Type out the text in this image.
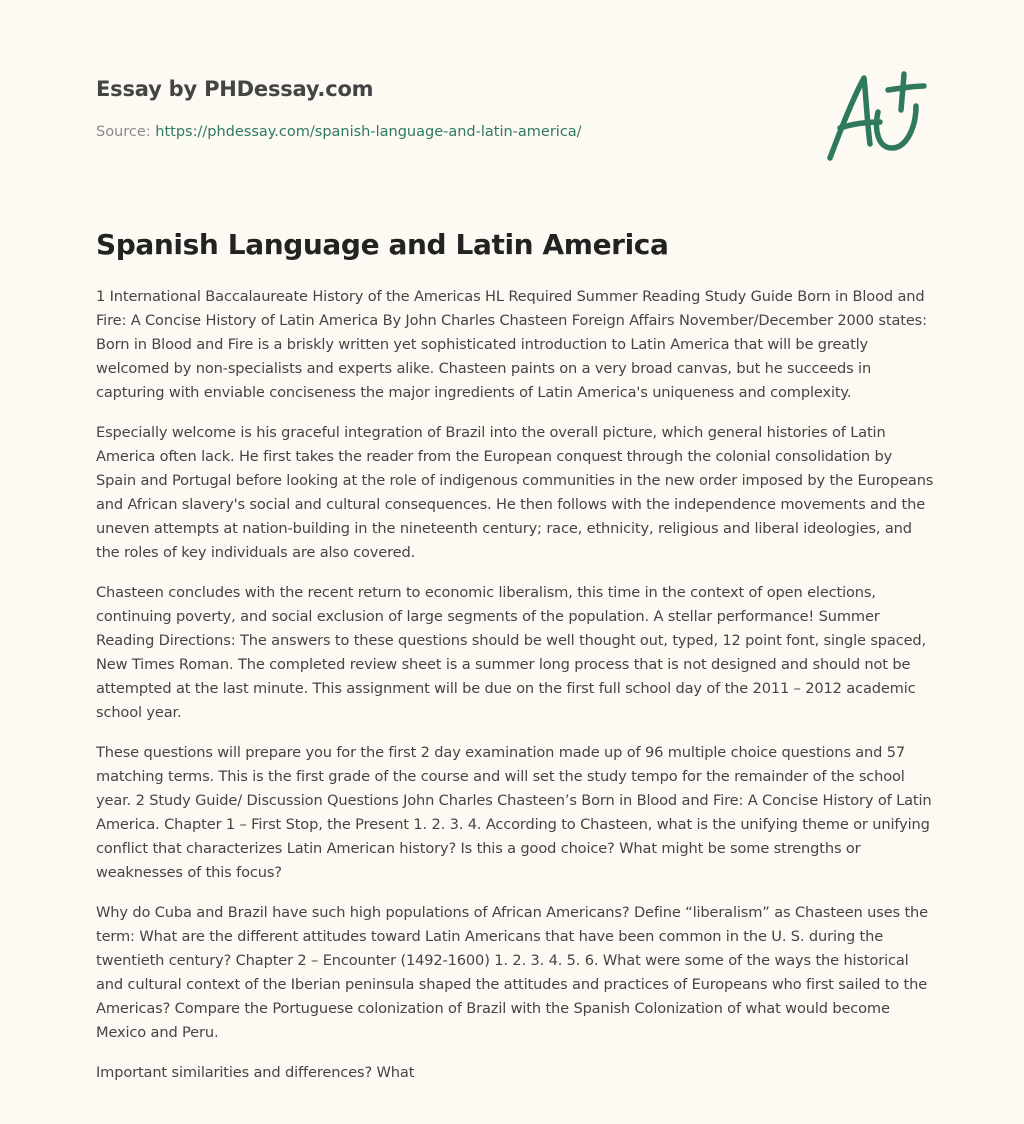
Essay by PHDessay.com
Source: https://phdessay.com/spanish-language-and-latin-america/
Spanish Language and Latin America

1 International Baccalaureate History of the Americas HL Required Summer Reading Study Guide Born in Blood and Fire: A Concise History of Latin America By John Charles Chasteen Foreign Affairs November/December 2000 states: Born in Blood and Fire is a briskly written yet sophisticated introduction to Latin America that will be greatly welcomed by non-specialists and experts alike. Chasteen paints on a very broad canvas, but he succeeds in capturing with enviable conciseness the major ingredients of Latin America's uniqueness and complexity.

Especially welcome is his graceful integration of Brazil into the overall picture, which general histories of Latin America often lack. He first takes the reader from the European conquest through the colonial consolidation by Spain and Portugal before looking at the role of indigenous communities in the new order imposed by the Europeans and African slavery's social and cultural consequences. He then follows with the independence movements and the uneven attempts at nation-building in the nineteenth century; race, ethnicity, religious and liberal ideologies, and the roles of key individuals are also covered.

Chasteen concludes with the recent return to economic liberalism, this time in the context of open elections, continuing poverty, and social exclusion of large segments of the population. A stellar performance! Summer Reading Directions: The answers to these questions should be well thought out, typed, 12 point font, single spaced, New Times Roman. The completed review sheet is a summer long process that is not designed and should not be attempted at the last minute. This assignment will be due on the first full school day of the 2011 – 2012 academic school year.

These questions will prepare you for the first 2 day examination made up of 96 multiple choice questions and 57 matching terms. This is the first grade of the course and will set the study tempo for the remainder of the school year. 2 Study Guide/ Discussion Questions John Charles Chasteen’s Born in Blood and Fire: A Concise History of Latin America. Chapter 1 – First Stop, the Present 1. 2. 3. 4. According to Chasteen, what is the unifying theme or unifying conflict that characterizes Latin American history? Is this a good choice? What might be some strengths or weaknesses of this focus?

Why do Cuba and Brazil have such high populations of African Americans? Define “liberalism” as Chasteen uses the term: What are the different attitudes toward Latin Americans that have been common in the U. S. during the twentieth century? Chapter 2 – Encounter (1492-1600) 1. 2. 3. 4. 5. 6. What were some of the ways the historical and cultural context of the Iberian peninsula shaped the attitudes and practices of Europeans who first sailed to the Americas? Compare the Portuguese colonization of Brazil with the Spanish Colonization of what would become Mexico and Peru.

Important similarities and differences? What
